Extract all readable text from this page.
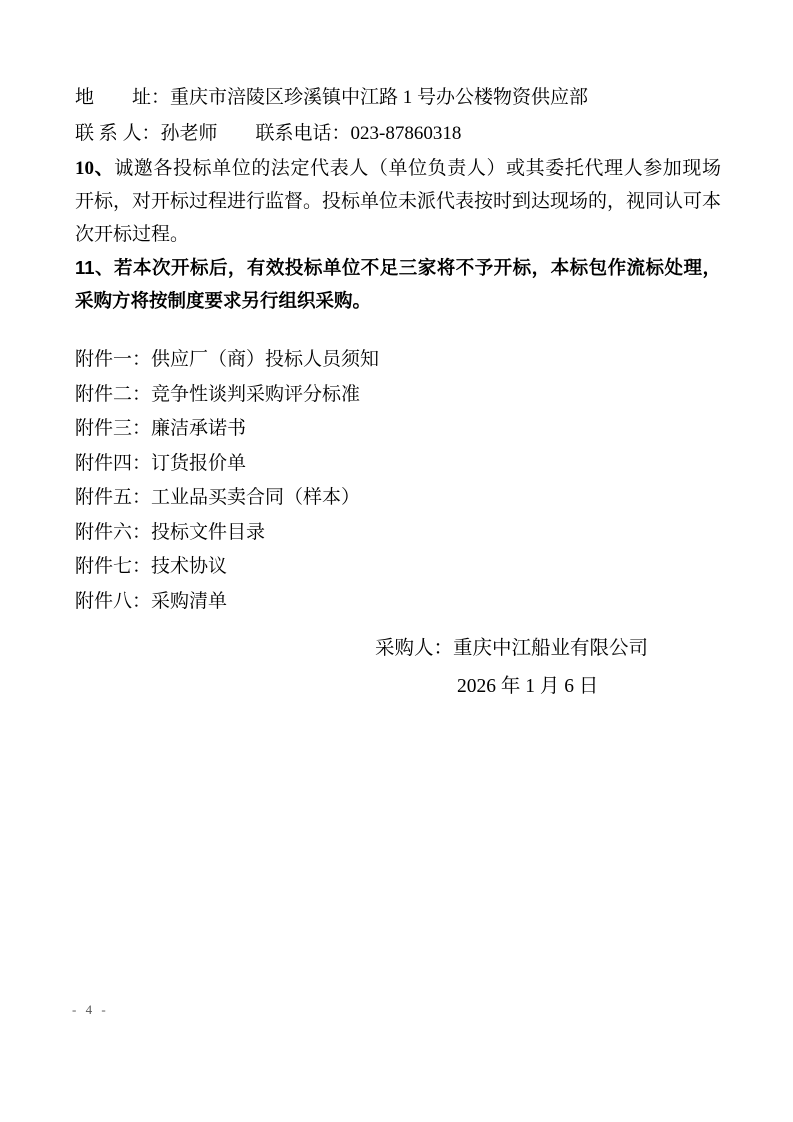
地　　址：重庆市涪陵区珍溪镇中江路 1 号办公楼物资供应部

联 系 人：孙老师　　联系电话：023-87860318

10、诚邀各投标单位的法定代表人（单位负责人）或其委托代理人参加现场开标，对开标过程进行监督。投标单位未派代表按时到达现场的，视同认可本次开标过程。

11、若本次开标后，有效投标单位不足三家将不予开标，本标包作流标处理，采购方将按制度要求另行组织采购。

附件一：供应厂（商）投标人员须知

附件二：竞争性谈判采购评分标准

附件三：廉洁承诺书

附件四：订货报价单

附件五：工业品买卖合同（样本）

附件六：投标文件目录

附件七：技术协议

附件八：采购清单

采购人：重庆中江船业有限公司
2026 年 1 月 6 日
- 4 -
